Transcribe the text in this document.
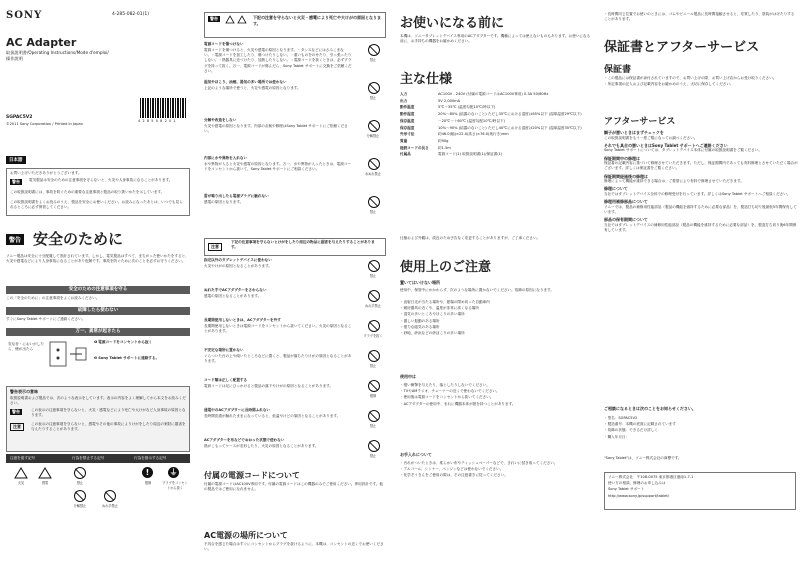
SONY	4-285-082-01(1)
AC Adapter
取扱説明書/Operating Instructions/Mode d'emploi/
操作說明
SGPAC5V2
©2011 Sony Corporation / Printed in Japan
4 2 8 5 0 8 2 0 1
日本語
お買い上げいただきありがとうございます。
警告	電気製品は安全のための注意事項を守らないと、火災や人身事故になることがあります。
この取扱説明書には、事故を防ぐための重要な注意事項と製品の取り扱いかたを示しています。
この取扱説明書をよくお読みのうえ、製品を安全にお使いください。お読みになったあとは、いつでも見られるところに必ず保管してください。
警告 安全のために
ソニー製品は安全に十分配慮して設計されています。しかし、電気製品はすべて、まちがった使いかたをすると、火災や感電などにより人身事故になることがあり危険です。事故を防ぐために次のことを必ずお守りください。
安全のための注意事項を守る
この「安全のために」の注意事項をよくお読みください。
故障したら使わない
すぐにSony Tablet サポートにご連絡ください。
万一、異常が起きたら
変な音・においがしたら、煙が出たら
❶ 電源コードをコンセントから抜く
❷ Sony Tablet サポートに連絡する。
警告表示の意味
取扱説明書および製品では、次のような表示をしています。表示の内容をよく理解してから本文をお読みください。
警告	この表示の注意事項を守らないと、火災・感電などにより死亡や大けがなど人身事故の原因となります。
注意	この表示の注意事項を守らないと、感電やその他の事故によりけがをしたり周辺の家財に損害を与えたりすることがあります。
注意を促す記号	行為を禁止する記号	行為を指示する記号
火災	感電	禁止
分解禁止	ぬれ手禁止
!
強制
⏚
プラグをコンセントから抜く
警告	下記の注意を守らないと火災・感電により死亡や大けがの原因となります。
電源コードを傷つけない
電源コードを傷つけると、火災や感電の原因となります。・タンスなどにはさみこまない。・電源コードを加工したり、傷つけたりしない。・重いものをのせたり、引っ張ったりしない。・熱器具に近づけたり、加熱したりしない。・電源コードを抜くときは、必ずプラグを持って抜く。万一、電源コードが傷んだら、Sony Tablet サポートに交換をご依頼ください。
禁止
湿気やほこり、油煙、湯気の多い場所では使わない
上記のような場所で使うと、火災や感電の原因となります。
禁止
分解や改造をしない
火災や感電の原因となります。内部の点検や修理はSony Tablet サポートにご依頼ください。
分解禁止
内部に水や異物を入れない
水や異物が入ると火災や感電の原因となります。万一、水や異物が入ったときは、電源コードをコンセントから抜いて、Sony Tablet サポートにご相談ください。
水ぬれ禁止
雷が鳴り出したら電源プラグに触れない
感電の原因となります。
禁止
注意
下記の注意事項を守らないとけがをしたり周辺の物品に損害を与えたりすることがあります。
指定以外のタブレットデバイスに使わない
火災やけがの原因となることがあります。
禁止
ぬれた手でACアダプターをさわらない
感電の原因となることがあります。
ぬれ手禁止
長期間使用しないときは、ACアダプターを外す
長期間使用しないときは電源コードをコンセントから抜いてください。火災の原因となることがあります。
プラグを抜く
不安定な場所に置かない
ぐらついた台の上や傾いたところなどに置くと、製品が落ちたりけがの原因となることがあります。
禁止
コード類は正しく配置する
電源コードは足にひっかけると製品の落下やけがの原因となることがあります。
強制
通電中のACアダプターに長時間ふれない
長時間皮膚が触れたままになっていると、低温やけどの原因となることがあります。
禁止
ACアダプターを布などでおおった状態で使わない
熱がこもってケースが変形したり、火災の原因となることがあります。
禁止
付属の電源コードについて
付属の電源コードはAC100V専用です。付属の電源コードはこの機器のみでご使用ください。専用設計です。他の製品ではご使用になれません。
AC電源の場所について
不具合を感じた場合はすぐにコンセントからプラグを抜けるように、本機は、コンセントの近くでお使いください。
お使いになる前に
本機は、ソニータブレットデバイス専用のACアダプターです。機種によっては使えないものもあります。お使いになる前に、お手持ちの機器をお確かめください。
主な仕様
入力	AC100V - 240V (付属の電源コードはAC100V専用) 0.3A 50/60Hz
出力	5V 2,000mA
動作温度	5℃～35℃ (温度勾配10℃/時以下)
動作湿度	20%～80% (結露のないこと) ただし35℃における湿度は65%以下 (湿球温度29℃以下)
保存温度	－20℃～＋60℃ (温度勾配10℃/時以下)
保存湿度	10%～90% (結露のないこと) ただし40℃における湿度は20%以下 (湿球温度35℃以下)
外形寸法	約46.0(幅)×22.0(高さ)×76.0(奥行き)mm
質量	約90g
接続コードの長さ	約1.5m
付属品	電源コード(1) 取扱説明書(1)/保証書(1)
仕様および外観は、改良のため予告なく変更することがありますが、ご了承ください。
使用上のご注意
置いてはいけない場所
使用中、保管中にかかわらず、次のような場所に置かないでください。故障の原因になります。
・直射日光が当たる場所や、夏場の閉め切った自動車内
・暖房器具の近くや、温度が非常に高くなる場所
・湿気の多いところやほこりの多い場所
・激しい振動のある場所
・強力な磁気のある場所
・砂地、砂浜などの砂ぼこりの多い場所
使用中は
・強い衝撃を与えたり、落としたりしないでください。
・TVやAMラジオ、チューナーの近くで使わないでください。
・使用後は電源コードをコンセントから抜いてください。
・ACアダプターの使用中、まれに機器本体が熱を持つことがあります。
お手入れについて
・汚れがついたときは、柔らかい布やティッシュペーパーなどで、きれいに拭き取ってください。
・アルコール、シンナー、ベンジンなどは使わないでください。
・化学ぞうきんをご使用の際は、その注意書きに従ってください。
・長時間同じ位置でお使いのときには、ゴムやビニール製品に長時間接触させると、変質したり、塗装がはげたりすることがあります。
保証書とアフターサービス
保証書
・この製品には保証書が添付されていますので、お買い上げの際、お買い上げ店からお受け取りください。
・所定事項の記入および記載内容をお確かめのうえ、大切に保存してください。
アフターサービス
調子が悪いときはまずチェックを
この取扱説明書をもう一度ご覧になってお調べください。
それでも具合の悪いときはSony Tablet サポートへご連絡ください
Sony Tablet サポートについては、タブレットデバイス本体に付属の取扱説明書をご覧ください。
保証期間中の修理は
保証書の記載内容に基づいて修理させていただきます。ただし、保証期間内であっても有料修理とさせていただく場合がございます。詳しくは保証書をご覧ください。
保証期間経過後の修理は
修理によって機能が維持できる場合は、ご要望により有料で修理させていただきます。
修理について
当社ではタブレットデバイス全体での修理受付を行っています。詳しくはSony Tablet サポートへご相談ください。
修理用補修部品について
ソニーでは、製品の補修用性能部品（製品の機能を維持するために必要な部品）を、製造打ち切り後最低5年間保有しています。
部品の保有期間について
当社ではタブレットデバイスの補修用性能部品（製品の機能を維持するために必要な部品）を、製造打ち切り後6年間保有しています。
ご相談になるときは次のことをお知らせください。
・型名：SGPAC5V2
・製造番号：本機の底面に記載されています
・故障の状態：できるだけ詳しく
・購入年月日：
"Sony Tablet"は、ソニー株式会社の商標です。
ソニー株式会社　〒108-0075 東京都港区港南1-7-1
使い方の相談、修理のお申し込みは
Sony Tablet サポート
http://www.sony.jp/support/tablet/
